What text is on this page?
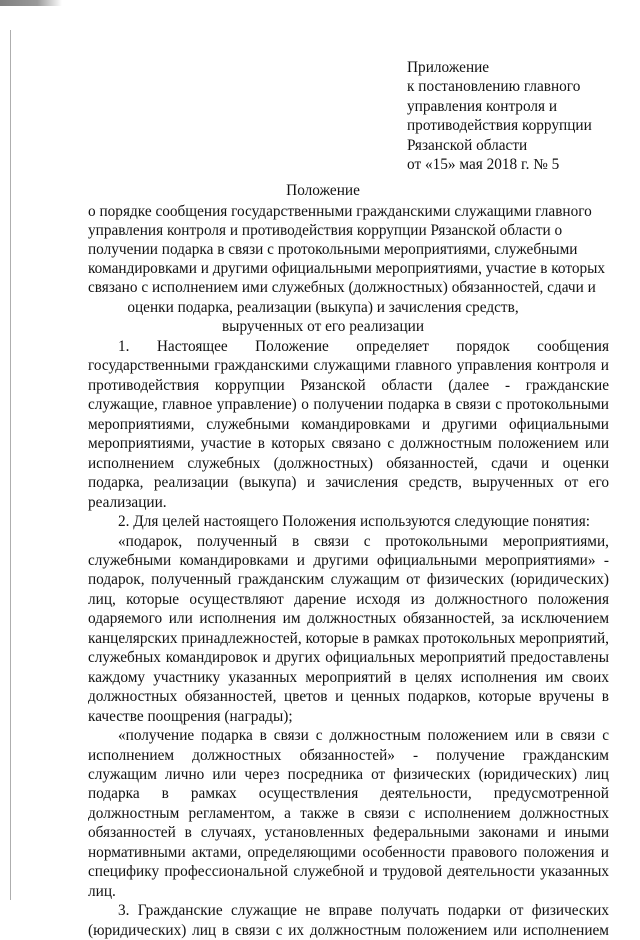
Приложение
к постановлению главного
управления контроля и
противодействия коррупции
Рязанской области
от «15» мая 2018 г. № 5
Положение
о порядке сообщения государственными гражданскими служащими главного
управления контроля и противодействия коррупции Рязанской области о
получении подарка в связи с протокольными мероприятиями, служебными
командировками и другими официальными мероприятиями, участие в которых
связано с исполнением ими служебных (должностных) обязанностей, сдачи и
оценки подарка, реализации (выкупа) и зачисления средств,
вырученных от его реализации

1. Настоящее Положение определяет порядок сообщения государственными гражданскими служащими главного управления контроля и противодействия коррупции Рязанской области (далее - гражданские служащие, главное управление) о получении подарка в связи с протокольными мероприятиями, служебными командировками и другими официальными мероприятиями, участие в которых связано с должностным положением или исполнением служебных (должностных) обязанностей, сдачи и оценки подарка, реализации (выкупа) и зачисления средств, вырученных от его реализации.

2. Для целей настоящего Положения используются следующие понятия:

«подарок, полученный в связи с протокольными мероприятиями, служебными командировками и другими официальными мероприятиями» - подарок, полученный гражданским служащим от физических (юридических) лиц, которые осуществляют дарение исходя из должностного положения одаряемого или исполнения им должностных обязанностей, за исключением канцелярских принадлежностей, которые в рамках протокольных мероприятий, служебных командировок и других официальных мероприятий предоставлены каждому участнику указанных мероприятий в целях исполнения им своих должностных обязанностей, цветов и ценных подарков, которые вручены в качестве поощрения (награды);

«получение подарка в связи с должностным положением или в связи с исполнением должностных обязанностей» - получение гражданским служащим лично или через посредника от физических (юридических) лиц подарка в рамках осуществления деятельности, предусмотренной должностным регламентом, а также в связи с исполнением должностных обязанностей в случаях, установленных федеральными законами и иными нормативными актами, определяющими особенности правового положения и специфику профессиональной служебной и трудовой деятельности указанных лиц.

3. Гражданские служащие не вправе получать подарки от физических (юридических) лиц в связи с их должностным положением или исполнением
